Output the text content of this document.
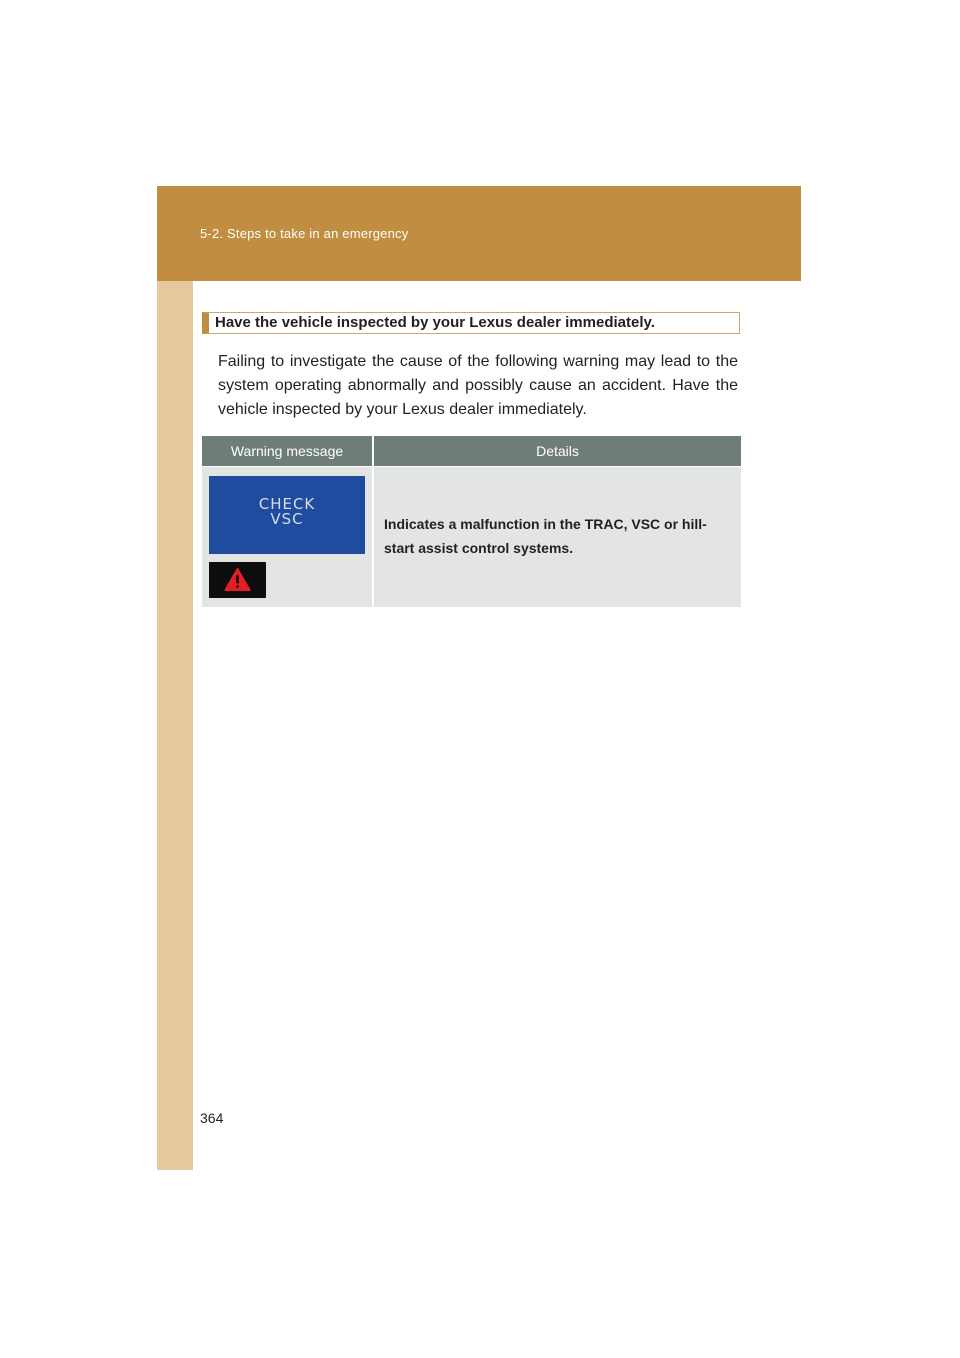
5-2. Steps to take in an emergency
Have the vehicle inspected by your Lexus dealer immediately.

Failing to investigate the cause of the following warning may lead to the system operating abnormally and possibly cause an accident. Have the vehicle inspected by your Lexus dealer immediately.

Warning message	Details
CHECK
VSC	Indicates a malfunction in the TRAC, VSC or hill-start assist control systems.
364
